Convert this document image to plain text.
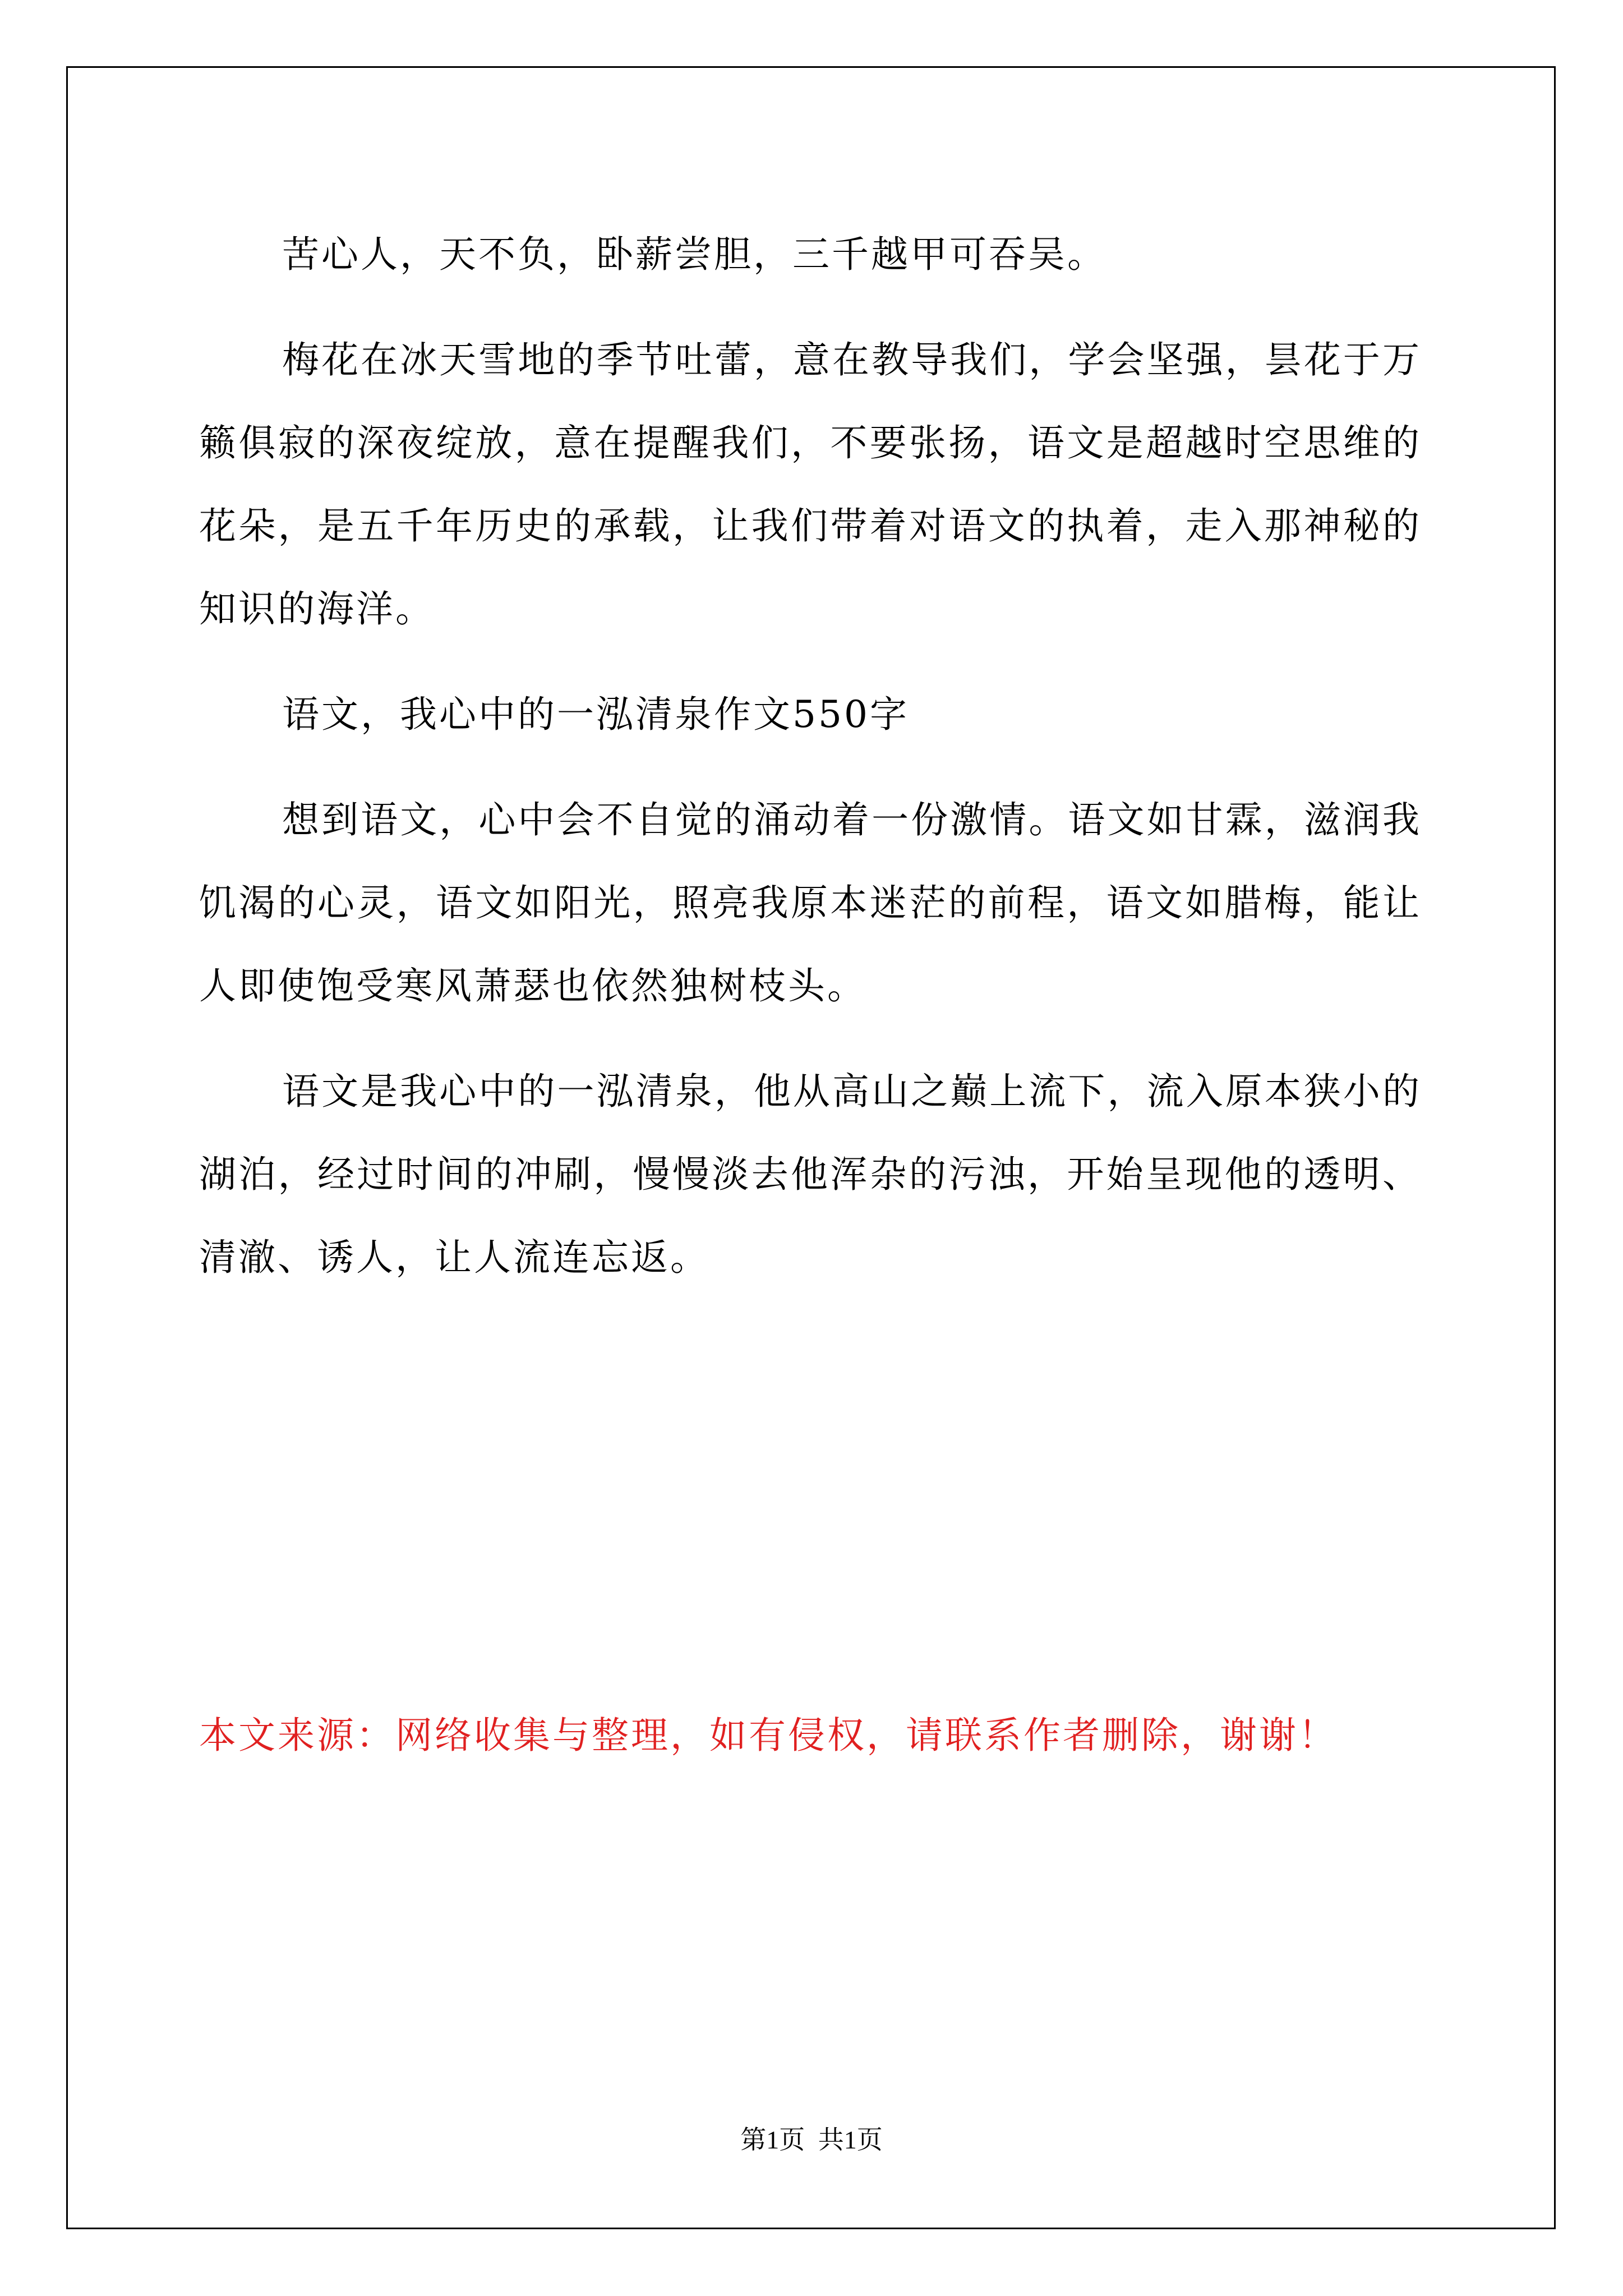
苦心人，天不负，卧薪尝胆，三千越甲可吞吴。

梅花在冰天雪地的季节吐蕾，意在教导我们，学会坚强，昙花于万籁俱寂的深夜绽放，意在提醒我们，不要张扬，语文是超越时空思维的花朵，是五千年历史的承载，让我们带着对语文的执着，走入那神秘的知识的海洋。

语文，我心中的一泓清泉作文550字

想到语文，心中会不自觉的涌动着一份激情。语文如甘霖，滋润我饥渴的心灵，语文如阳光，照亮我原本迷茫的前程，语文如腊梅，能让人即使饱受寒风萧瑟也依然独树枝头。

语文是我心中的一泓清泉，他从高山之巅上流下，流入原本狭小的湖泊，经过时间的冲刷，慢慢淡去他浑杂的污浊，开始呈现他的透明、清澈、诱人，让人流连忘返。

本文来源：网络收集与整理，如有侵权，请联系作者删除，谢谢！
第1页 共1页
